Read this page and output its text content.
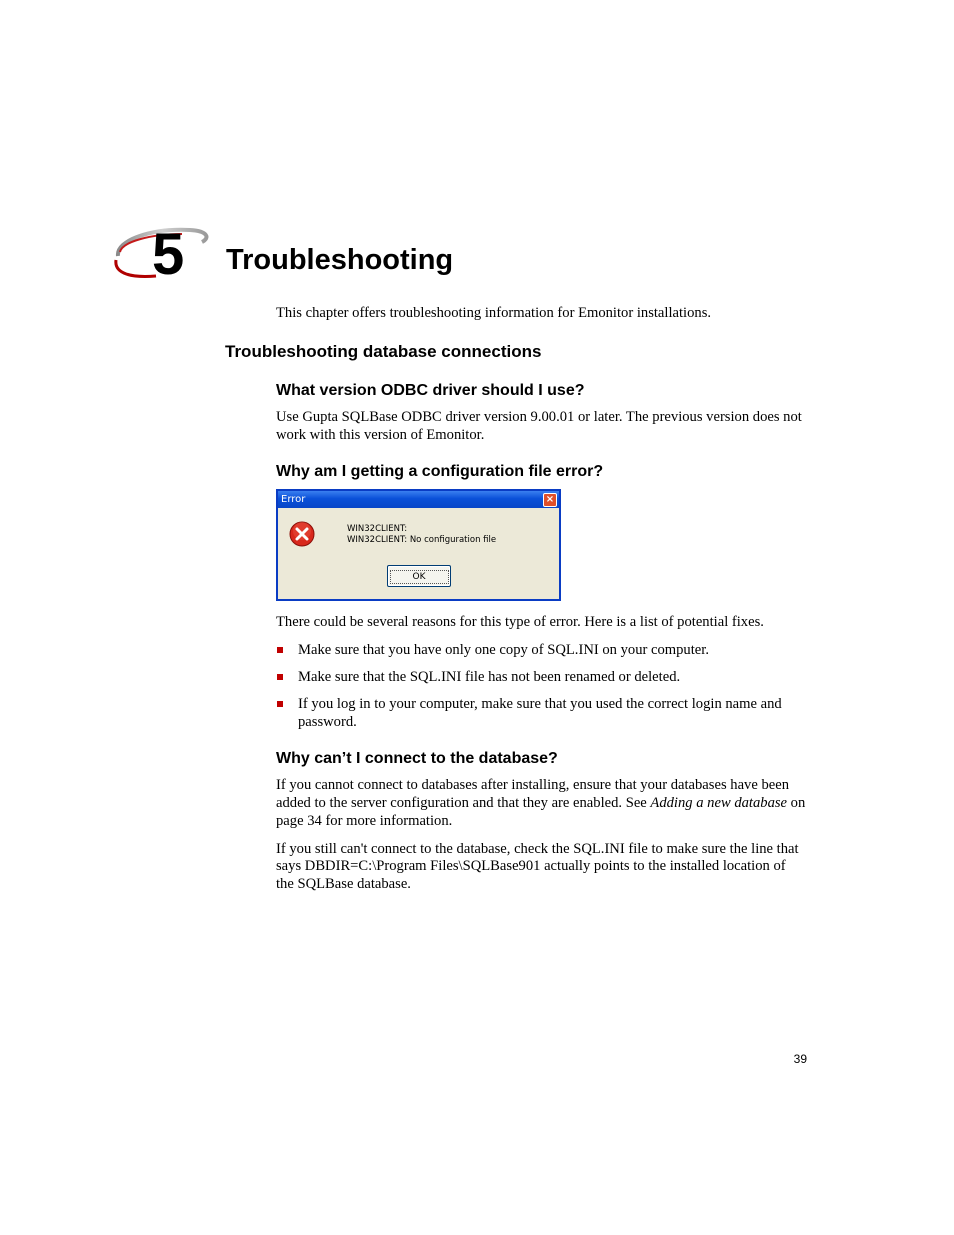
5 Troubleshooting
This chapter offers troubleshooting information for Emonitor installations.
Troubleshooting database connections
What version ODBC driver should I use?
Use Gupta SQLBase ODBC driver version 9.00.01 or later. The previous version does not
work with this version of Emonitor.
Why am I getting a configuration file error?
Error	×
WIN32CLIENT:
WIN32CLIENT: No configuration file
OK
There could be several reasons for this type of error. Here is a list of potential fixes.
Make sure that you have only one copy of SQL.INI on your computer.
Make sure that the SQL.INI file has not been renamed or deleted.
If you log in to your computer, make sure that you used the correct login name and
password.
Why can’t I connect to the database?
If you cannot connect to databases after installing, ensure that your databases have been
added to the server configuration and that they are enabled. See Adding a new database on
page 34 for more information.
If you still can't connect to the database, check the SQL.INI file to make sure the line that
says DBDIR=C:\Program Files\SQLBase901 actually points to the installed location of
the SQLBase database.
39
